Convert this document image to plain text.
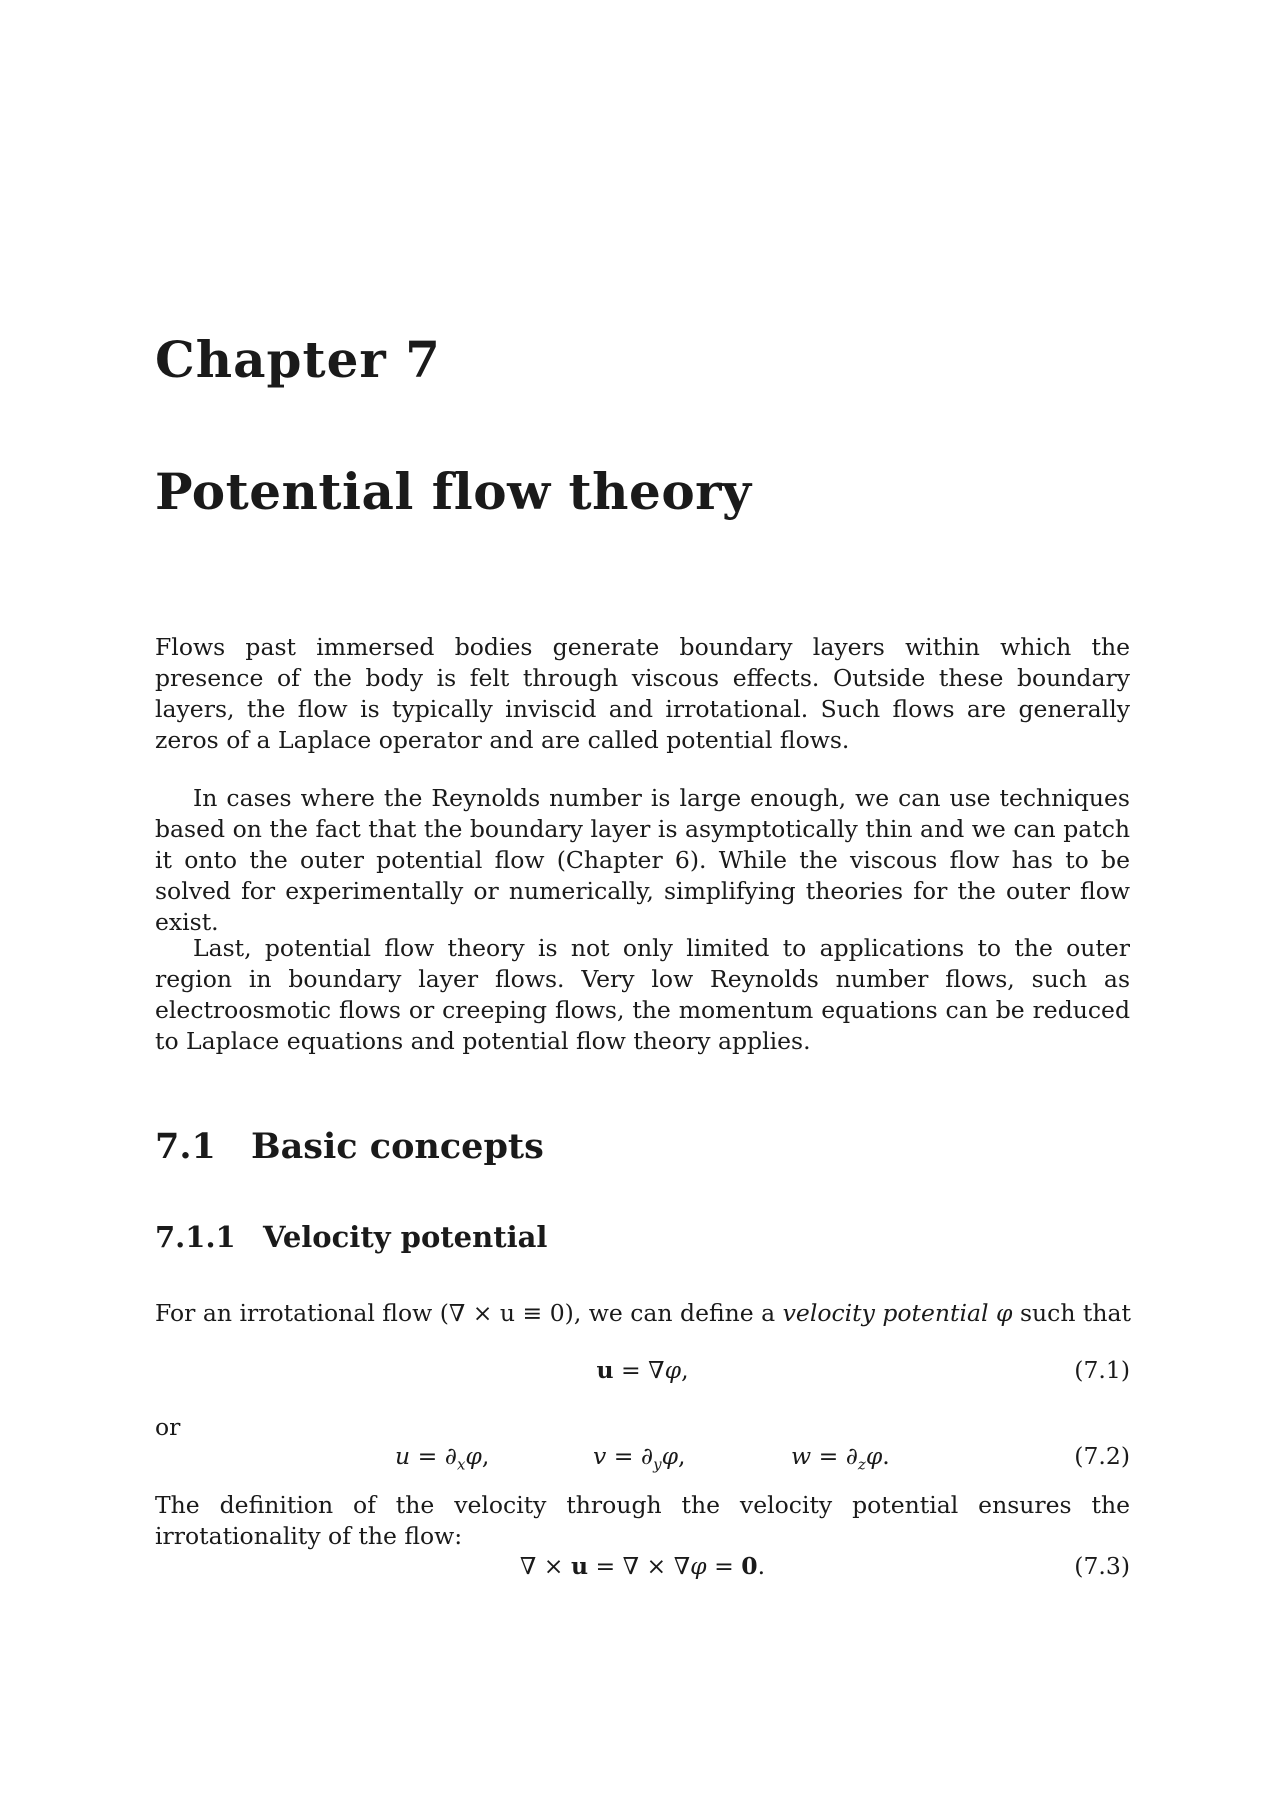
Chapter 7
Potential flow theory

Flows past immersed bodies generate boundary layers within which the presence of the body is felt through viscous effects. Outside these boundary layers, the flow is typically inviscid and irrotational. Such flows are generally zeros of a Laplace operator and are called potential flows.

In cases where the Reynolds number is large enough, we can use techniques based on the fact that the boundary layer is asymptotically thin and we can patch it onto the outer potential flow (Chapter 6). While the viscous flow has to be solved for experimentally or numerically, simplifying theories for the outer flow exist.

Last, potential flow theory is not only limited to applications to the outer region in boundary layer flows. Very low Reynolds number flows, such as electroosmotic flows or creeping flows, the momentum equations can be reduced to Laplace equations and potential flow theory applies.

7.1 Basic concepts
7.1.1 Velocity potential
For an irrotational flow (∇ × u ≡ 0), we can define a velocity potential φ such that
u = ∇φ,	(7.1)
or
$u = \partial_x\varphi$,	$v = \partial_y\varphi$,	$w = \partial_z\varphi$.	(7.2)
The definition of the velocity through the velocity potential ensures the irrotationality of the flow:
∇ × u = ∇ × ∇φ = 0.	(7.3)
